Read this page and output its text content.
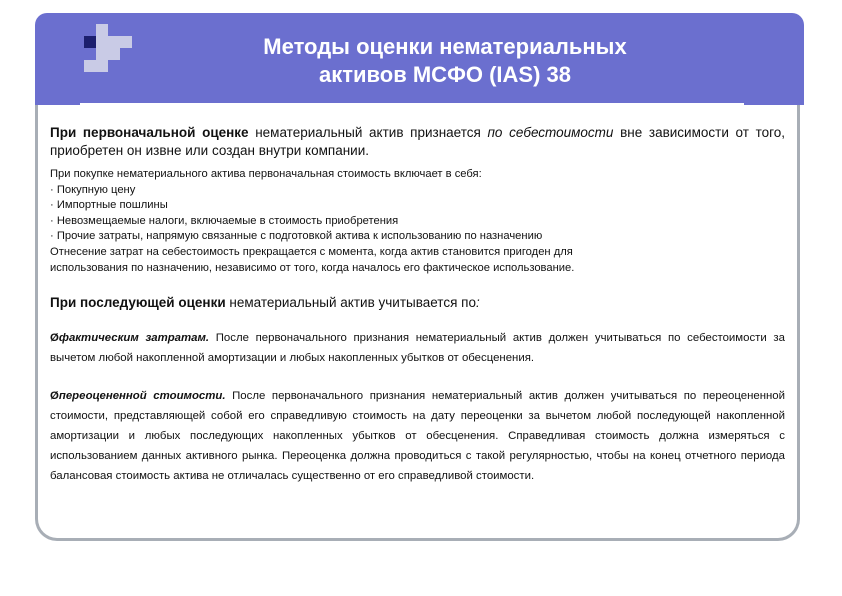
Методы оценки нематериальных
активов МСФО (IAS) 38

При первоначальной оценке нематериальный актив признается по себестоимости вне зависимости от того, приобретен он извне или создан внутри компании.

При покупке нематериального актива первоначальная стоимость включает в себя:
· Покупную цену
· Импортные пошлины
· Невозмещаемые налоги, включаемые в стоимость приобретения
· Прочие затраты, напрямую связанные с подготовкой актива к использованию по назначению
Отнесение затрат на себестоимость прекращается с момента, когда актив становится пригоден для
использования по назначению, независимо от того, когда началось его фактическое использование.

При последующей оценки нематериальный актив учитывается по:

Øфактическим затратам. После первоначального признания нематериальный актив должен учитываться по себестоимости за вычетом любой накопленной амортизации и любых накопленных убытков от обесценения.

Øпереоцененной стоимости. После первоначального признания нематериальный актив должен учитываться по переоцененной стоимости, представляющей собой его справедливую стоимость на дату переоценки за вычетом любой последующей накопленной амортизации и любых последующих накопленных убытков от обесценения. Справедливая стоимость должна измеряться с использованием данных активного рынка. Переоценка должна проводиться с такой регулярностью, чтобы на конец отчетного периода балансовая стоимость актива не отличалась существенно от его справедливой стоимости.
